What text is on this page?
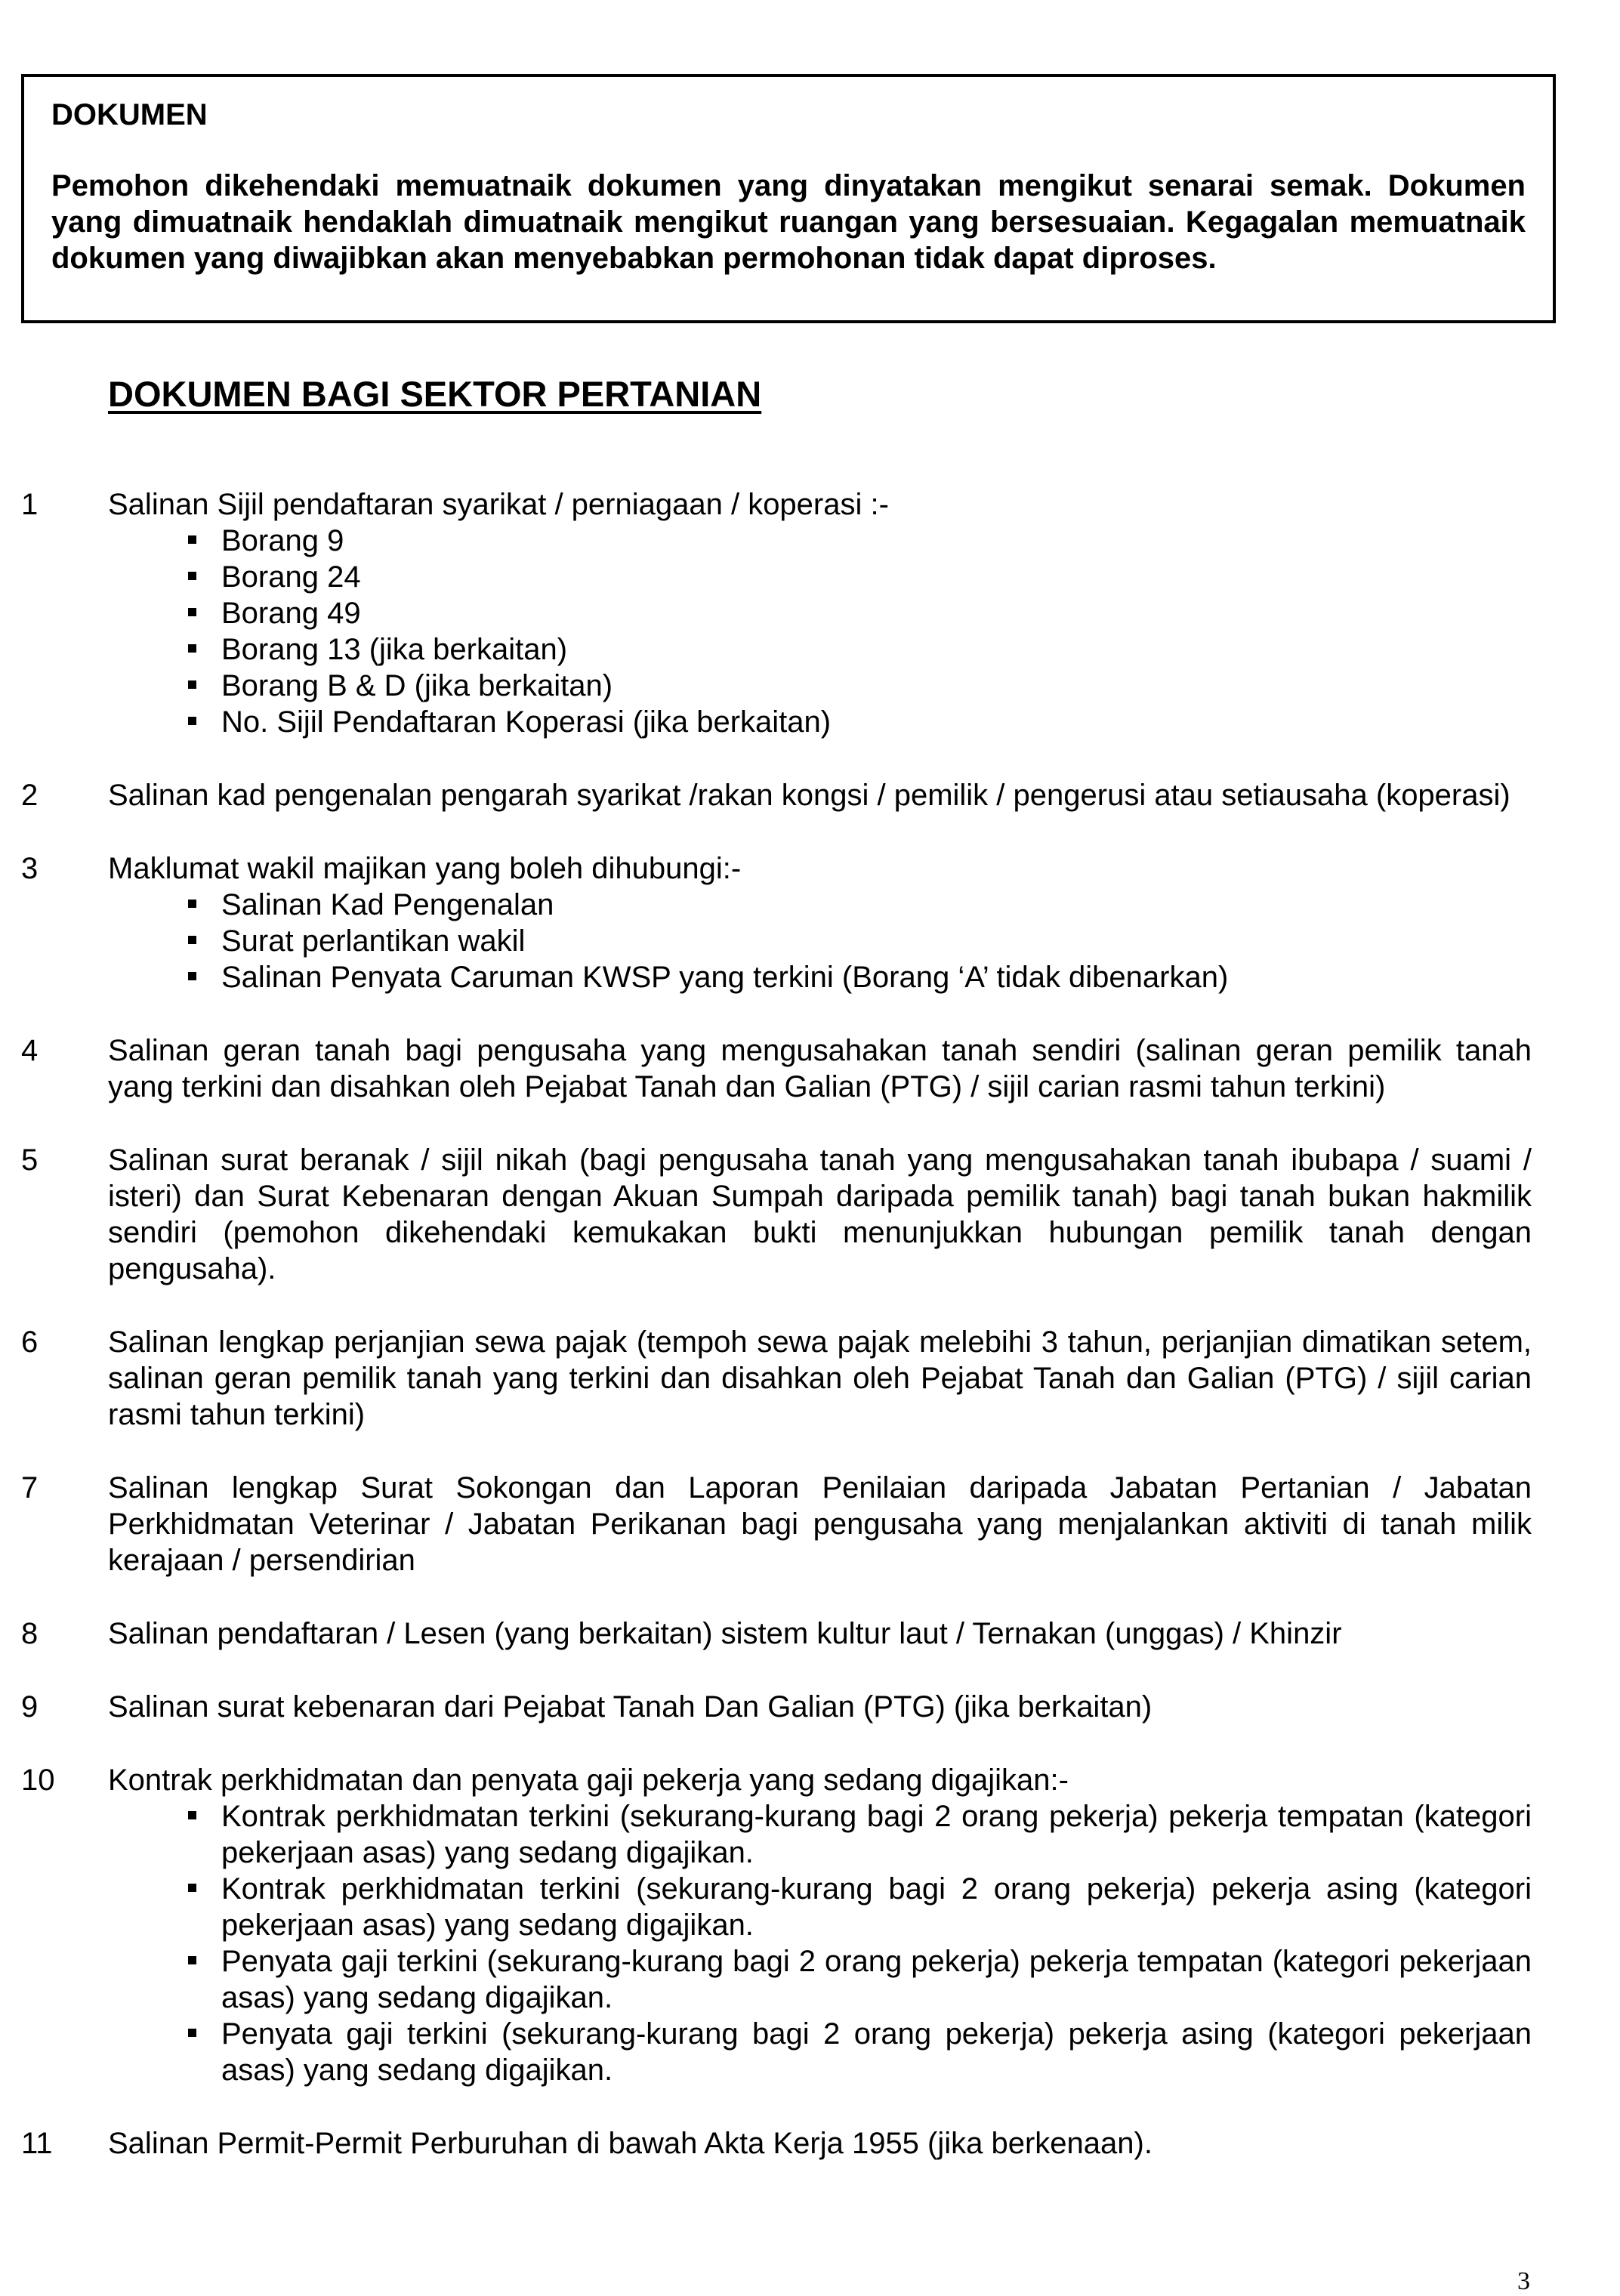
DOKUMEN
Pemohon dikehendaki memuatnaik dokumen yang dinyatakan mengikut senarai semak. Dokumen yang dimuatnaik hendaklah dimuatnaik mengikut ruangan yang bersesuaian. Kegagalan memuatnaik dokumen yang diwajibkan akan menyebabkan permohonan tidak dapat diproses.
DOKUMEN BAGI SEKTOR PERTANIAN
1 Salinan Sijil pendaftaran syarikat / perniagaan / koperasi :-
Borang 9
Borang 24
Borang 49
Borang 13 (jika berkaitan)
Borang B & D (jika berkaitan)
No. Sijil Pendaftaran Koperasi (jika berkaitan)
2 Salinan kad pengenalan pengarah syarikat /rakan kongsi / pemilik / pengerusi atau setiausaha (koperasi)
3 Maklumat wakil majikan yang boleh dihubungi:-
Salinan Kad Pengenalan
Surat perlantikan wakil
Salinan Penyata Caruman KWSP yang terkini (Borang ‘A’ tidak dibenarkan)
4 Salinan geran tanah bagi pengusaha yang mengusahakan tanah sendiri (salinan geran pemilik tanah yang terkini dan disahkan oleh Pejabat Tanah dan Galian (PTG) / sijil carian rasmi tahun terkini)
5 Salinan surat beranak / sijil nikah (bagi pengusaha tanah yang mengusahakan tanah ibubapa / suami / isteri) dan Surat Kebenaran dengan Akuan Sumpah daripada pemilik tanah) bagi tanah bukan hakmilik sendiri (pemohon dikehendaki kemukakan bukti menunjukkan hubungan pemilik tanah dengan pengusaha).
6 Salinan lengkap perjanjian sewa pajak (tempoh sewa pajak melebihi 3 tahun, perjanjian dimatikan setem, salinan geran pemilik tanah yang terkini dan disahkan oleh Pejabat Tanah dan Galian (PTG) / sijil carian rasmi tahun terkini)
7 Salinan lengkap Surat Sokongan dan Laporan Penilaian daripada Jabatan Pertanian / Jabatan Perkhidmatan Veterinar / Jabatan Perikanan bagi pengusaha yang menjalankan aktiviti di tanah milik kerajaan / persendirian
8 Salinan pendaftaran / Lesen (yang berkaitan) sistem kultur laut / Ternakan (unggas) / Khinzir
9 Salinan surat kebenaran dari Pejabat Tanah Dan Galian (PTG) (jika berkaitan)
10 Kontrak perkhidmatan dan penyata gaji pekerja yang sedang digajikan:-
Kontrak perkhidmatan terkini (sekurang-kurang bagi 2 orang pekerja) pekerja tempatan (kategori pekerjaan asas) yang sedang digajikan.
Kontrak perkhidmatan terkini (sekurang-kurang bagi 2 orang pekerja) pekerja asing (kategori pekerjaan asas) yang sedang digajikan.
Penyata gaji terkini (sekurang-kurang bagi 2 orang pekerja) pekerja tempatan (kategori pekerjaan asas) yang sedang digajikan.
Penyata gaji terkini (sekurang-kurang bagi 2 orang pekerja) pekerja asing (kategori pekerjaan asas) yang sedang digajikan.
11 Salinan Permit-Permit Perburuhan di bawah Akta Kerja 1955 (jika berkenaan).
3
